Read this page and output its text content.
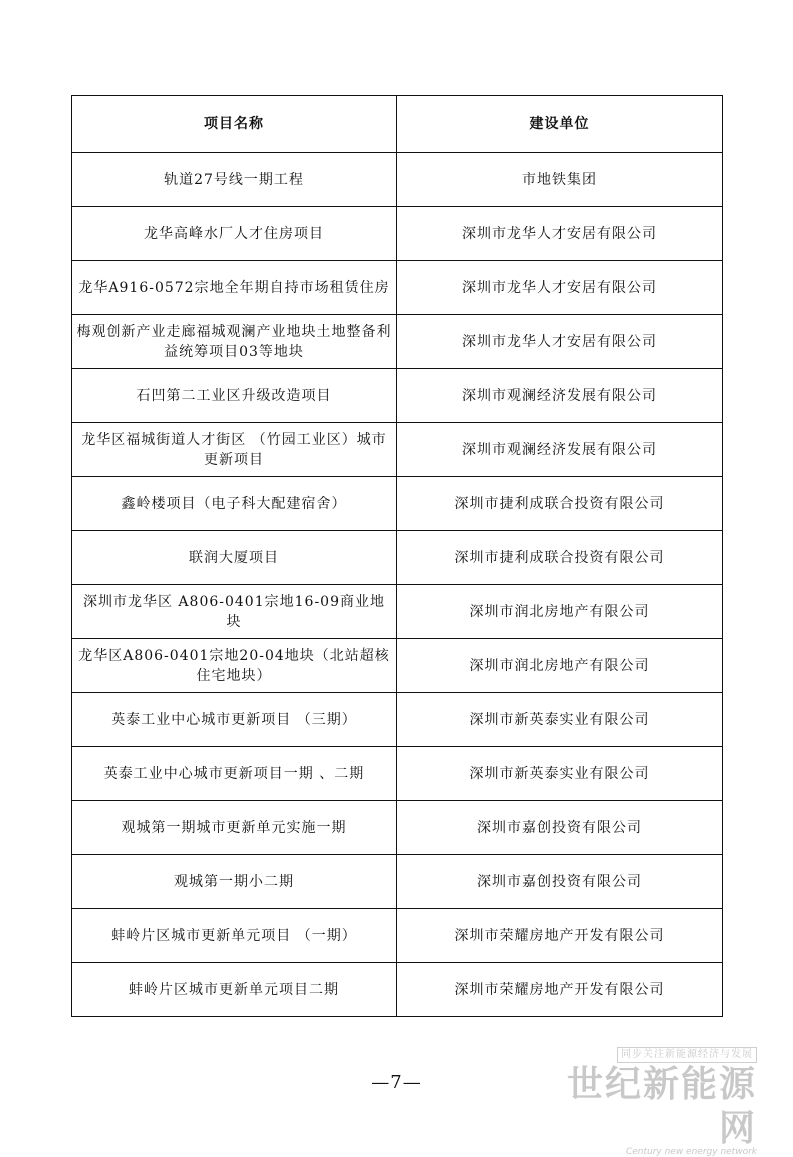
项目名称	建设单位
轨道27号线一期工程	市地铁集团
龙华高峰水厂人才住房项目	深圳市龙华人才安居有限公司
龙华A916-0572宗地全年期自持市场租赁住房	深圳市龙华人才安居有限公司
梅观创新产业走廊福城观澜产业地块土地整备利益统筹项目03等地块	深圳市龙华人才安居有限公司
石凹第二工业区升级改造项目	深圳市观澜经济发展有限公司
龙华区福城街道人才街区 （竹园工业区）城市更新项目	深圳市观澜经济发展有限公司
鑫岭楼项目（电子科大配建宿舍）	深圳市捷利成联合投资有限公司
联润大厦项目	深圳市捷利成联合投资有限公司
深圳市龙华区 A806-0401宗地16-09商业地块	深圳市润北房地产有限公司
龙华区A806-0401宗地20-04地块（北站超核住宅地块）	深圳市润北房地产有限公司
英泰工业中心城市更新项目 （三期）	深圳市新英泰实业有限公司
英泰工业中心城市更新项目一期 、二期	深圳市新英泰实业有限公司
观城第一期城市更新单元实施一期	深圳市嘉创投资有限公司
观城第一期小二期	深圳市嘉创投资有限公司
蚌岭片区城市更新单元项目 （一期）	深圳市荣耀房地产开发有限公司
蚌岭片区城市更新单元项目二期	深圳市荣耀房地产开发有限公司
—7—
同步关注新能源经济与发展
世纪新能源网
Century new energy network
